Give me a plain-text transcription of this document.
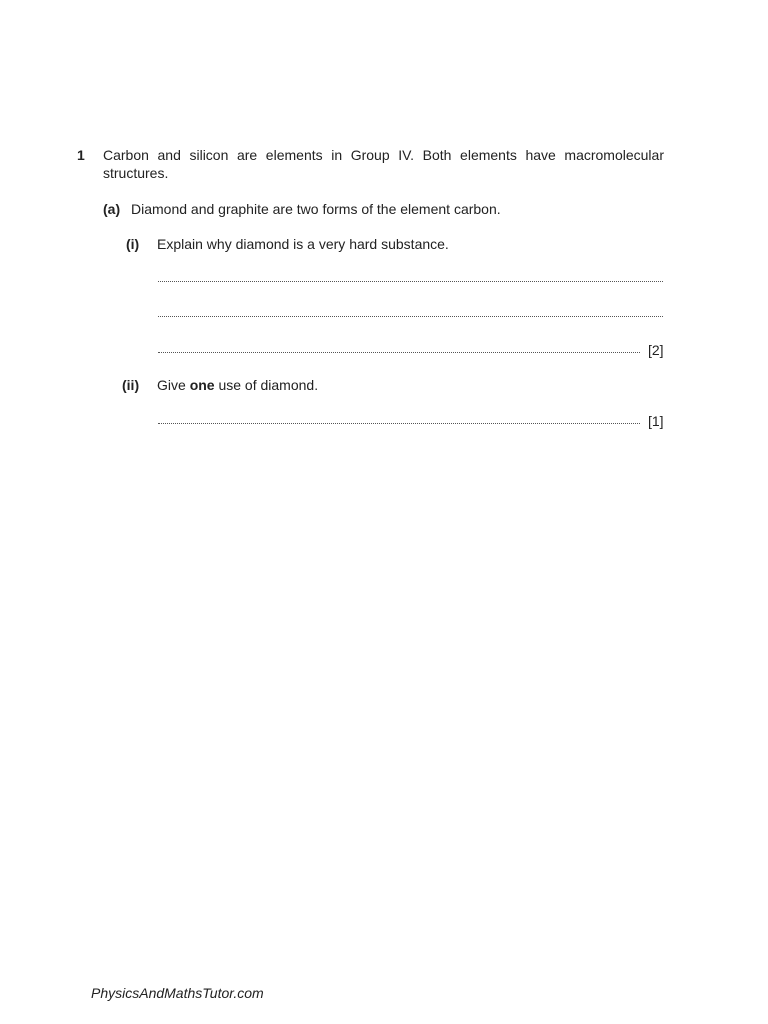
1 Carbon and silicon are elements in Group IV. Both elements have macromolecular structures.
(a) Diamond and graphite are two forms of the element carbon.
(i) Explain why diamond is a very hard substance.
[2]
(ii) Give one use of diamond.
[1]
PhysicsAndMathsTutor.com
